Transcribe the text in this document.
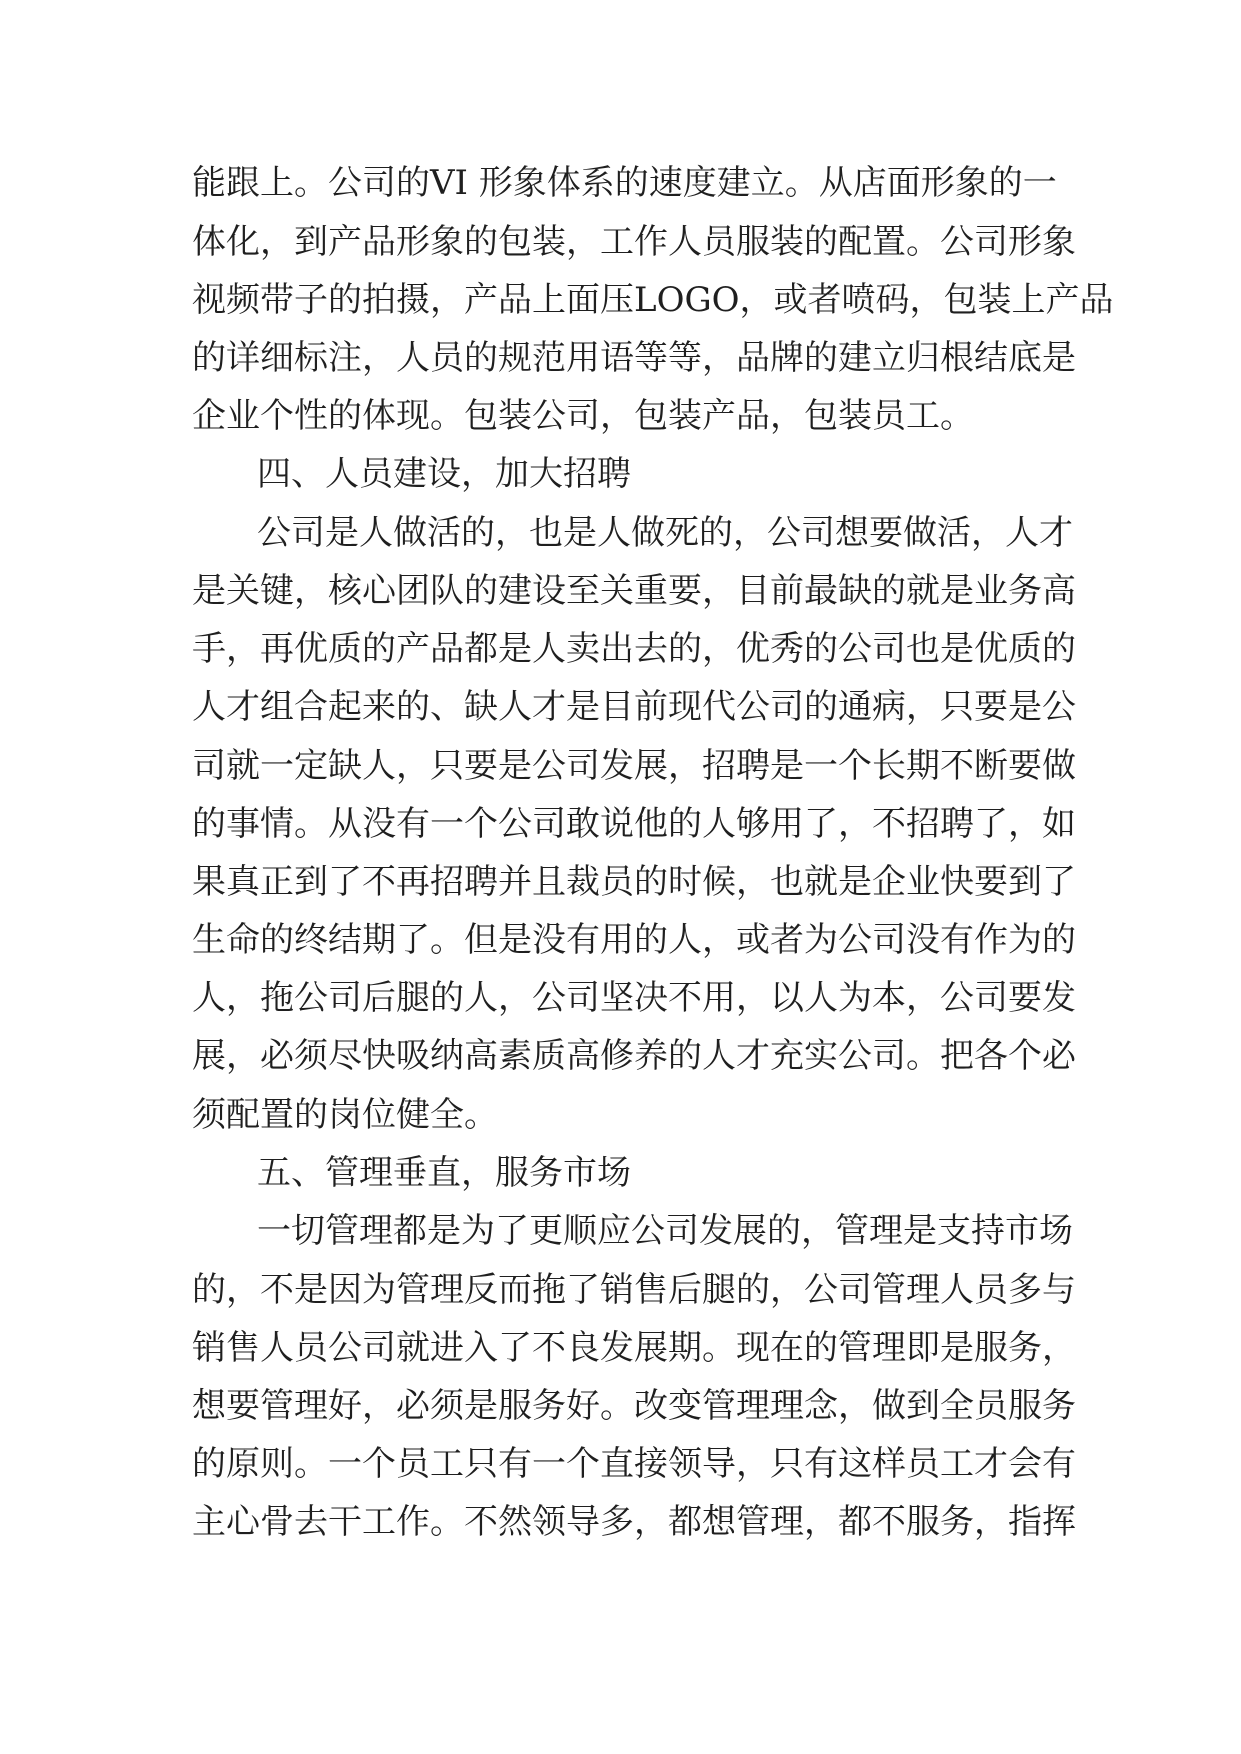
能跟上。公司的VI 形象体系的速度建立。从店面形象的一
体化，到产品形象的包装，工作人员服装的配置。公司形象
视频带子的拍摄，产品上面压LOGO，或者喷码，包装上产品
的详细标注，人员的规范用语等等，品牌的建立归根结底是
企业个性的体现。包装公司，包装产品，包装员工。
四、人员建设，加大招聘
公司是人做活的，也是人做死的，公司想要做活，人才
是关键，核心团队的建设至关重要，目前最缺的就是业务高
手，再优质的产品都是人卖出去的，优秀的公司也是优质的
人才组合起来的、缺人才是目前现代公司的通病，只要是公
司就一定缺人，只要是公司发展，招聘是一个长期不断要做
的事情。从没有一个公司敢说他的人够用了，不招聘了，如
果真正到了不再招聘并且裁员的时候，也就是企业快要到了
生命的终结期了。但是没有用的人，或者为公司没有作为的
人，拖公司后腿的人，公司坚决不用，以人为本，公司要发
展，必须尽快吸纳高素质高修养的人才充实公司。把各个必
须配置的岗位健全。
五、管理垂直，服务市场
一切管理都是为了更顺应公司发展的，管理是支持市场
的，不是因为管理反而拖了销售后腿的，公司管理人员多与
销售人员公司就进入了不良发展期。现在的管理即是服务，
想要管理好，必须是服务好。改变管理理念，做到全员服务
的原则。一个员工只有一个直接领导，只有这样员工才会有
主心骨去干工作。不然领导多，都想管理，都不服务，指挥
